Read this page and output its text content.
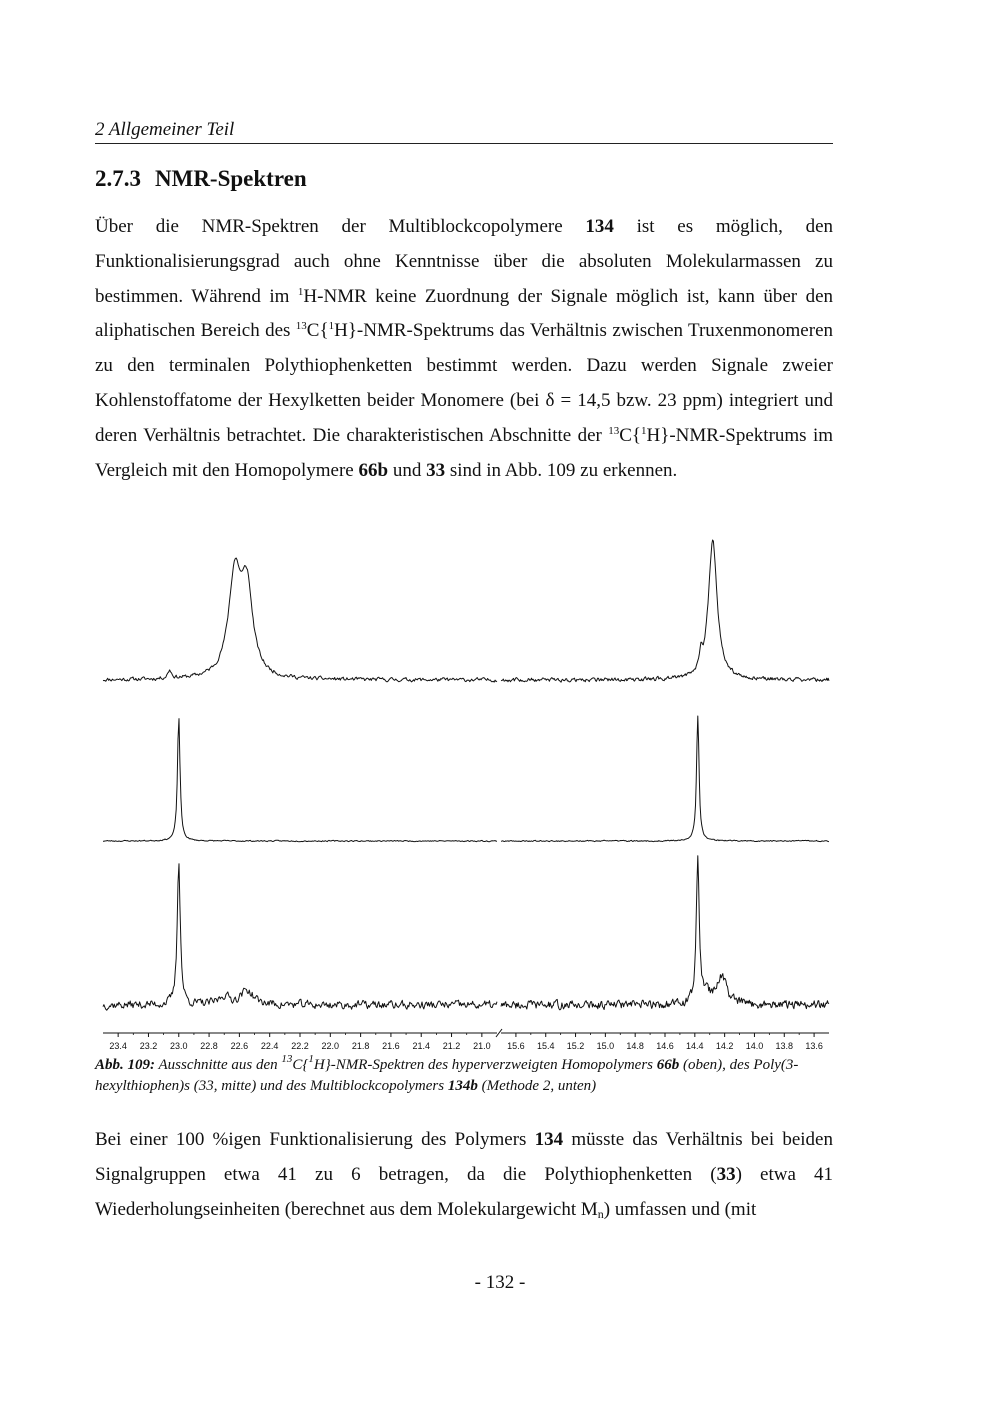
2 Allgemeiner Teil
2.7.3 NMR-Spektren

Über die NMR-Spektren der Multiblockcopolymere 134 ist es möglich, den Funktionalisierungsgrad auch ohne Kenntnisse über die absoluten Molekularmassen zu bestimmen. Während im $^1$H-NMR keine Zuordnung der Signale möglich ist, kann über den aliphatischen Bereich des $^{13}$C{$^1$H}-NMR-Spektrums das Verhältnis zwischen Truxenmonomeren zu den terminalen Polythiophenketten bestimmt werden. Dazu werden Signale zweier Kohlenstoffatome der Hexylketten beider Monomere (bei δ = 14,5 bzw. 23 ppm) integriert und deren Verhältnis betrachtet. Die charakteristischen Abschnitte der $^{13}$C{$^1$H}-NMR-Spektrums im Vergleich mit den Homopolymere 66b und 33 sind in Abb. 109 zu erkennen.

23.4 23.2 23.0 22.8 22.6 22.4 22.2 22.0 21.8 21.6 21.4 21.2 21.0 15.6 15.4 15.2 15.0 14.8 14.6 14.4 14.2 14.0 13.8 13.6
Abb. 109: Ausschnitte aus den $^{13}$C{$^1$H}-NMR-Spektren des hyperverzweigten Homopolymers 66b (oben), des Poly(3-hexylthiophen)s (33, mitte) und des Multiblockcopolymers 134b (Methode 2, unten)

Bei einer 100 %igen Funktionalisierung des Polymers 134 müsste das Verhältnis bei beiden Signalgruppen etwa 41 zu 6 betragen, da die Polythiophenketten (33) etwa 41 Wiederholungseinheiten (berechnet aus dem Molekulargewicht $M_n$) umfassen und (mit

- 132 -
